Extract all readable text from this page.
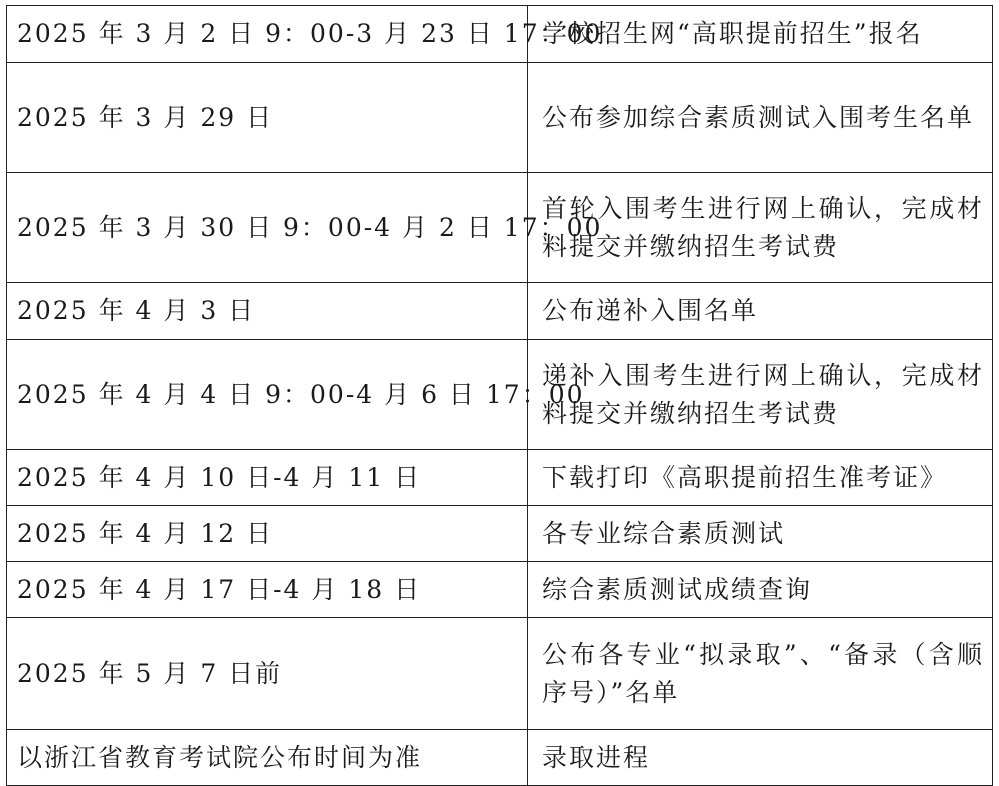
2025 年 3 月 2 日 9：00-3 月 23 日 17：00	学校招生网“高职提前招生”报名
2025 年 3 月 29 日	公布参加综合素质测试入围考生名单
2025 年 3 月 30 日 9：00-4 月 2 日 17：00	首轮入围考生进行网上确认，完成材料提交并缴纳招生考试费
2025 年 4 月 3 日	公布递补入围名单
2025 年 4 月 4 日 9：00-4 月 6 日 17：00	递补入围考生进行网上确认，完成材料提交并缴纳招生考试费
2025 年 4 月 10 日-4 月 11 日	下载打印《高职提前招生准考证》
2025 年 4 月 12 日	各专业综合素质测试
2025 年 4 月 17 日-4 月 18 日	综合素质测试成绩查询
2025 年 5 月 7 日前	公布各专业“拟录取”、“备录（含顺序号）”名单
以浙江省教育考试院公布时间为准	录取进程
